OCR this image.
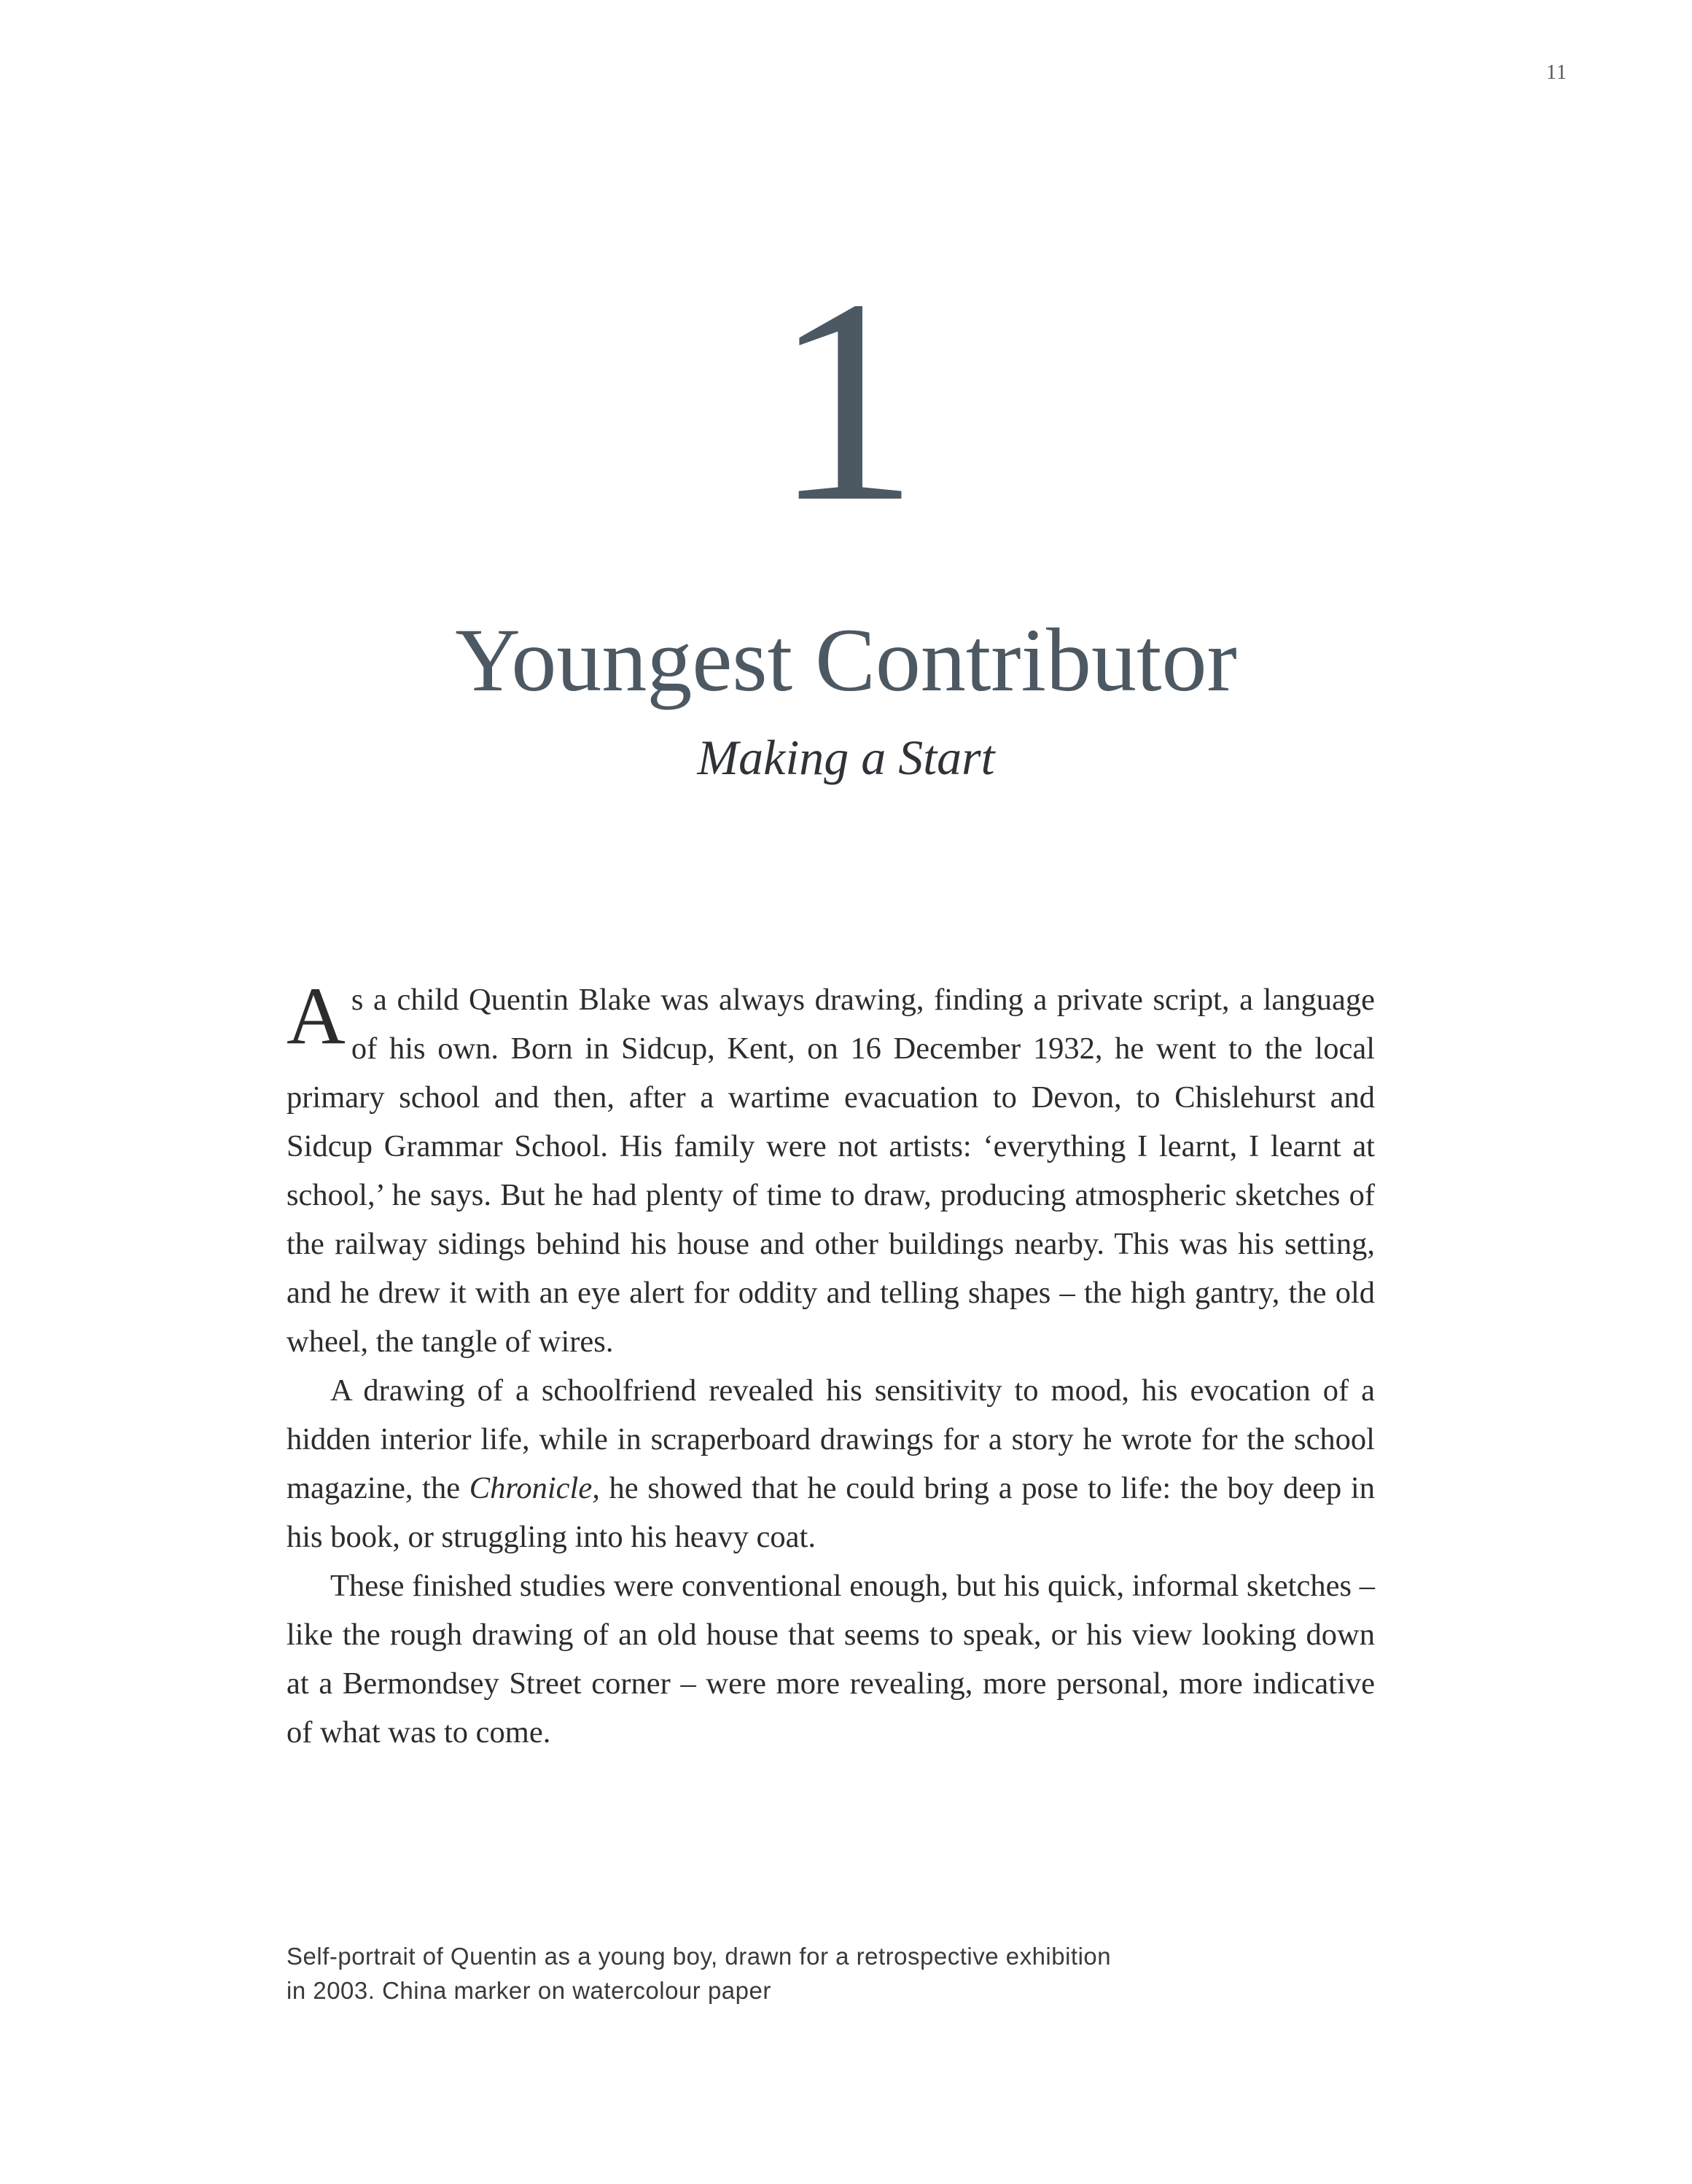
11
1
Youngest Contributor
Making a Start

As a child Quentin Blake was always drawing, finding a private script, a language of his own. Born in Sidcup, Kent, on 16 December 1932, he went to the local primary school and then, after a wartime evacuation to Devon, to Chislehurst and Sidcup Grammar School. His family were not artists: ‘everything I learnt, I learnt at school,’ he says. But he had plenty of time to draw, producing atmospheric sketches of the railway sidings behind his house and other buildings nearby. This was his setting, and he drew it with an eye alert for oddity and telling shapes – the high gantry, the old wheel, the tangle of wires.

A drawing of a schoolfriend revealed his sensitivity to mood, his evocation of a hidden interior life, while in scraperboard drawings for a story he wrote for the school magazine, the Chronicle, he showed that he could bring a pose to life: the boy deep in his book, or struggling into his heavy coat.

These finished studies were conventional enough, but his quick, informal sketches – like the rough drawing of an old house that seems to speak, or his view looking down at a Bermondsey Street corner – were more revealing, more personal, more indicative of what was to come.

Self-portrait of Quentin as a young boy, drawn for a retrospective exhibition

in 2003. China marker on watercolour paper
